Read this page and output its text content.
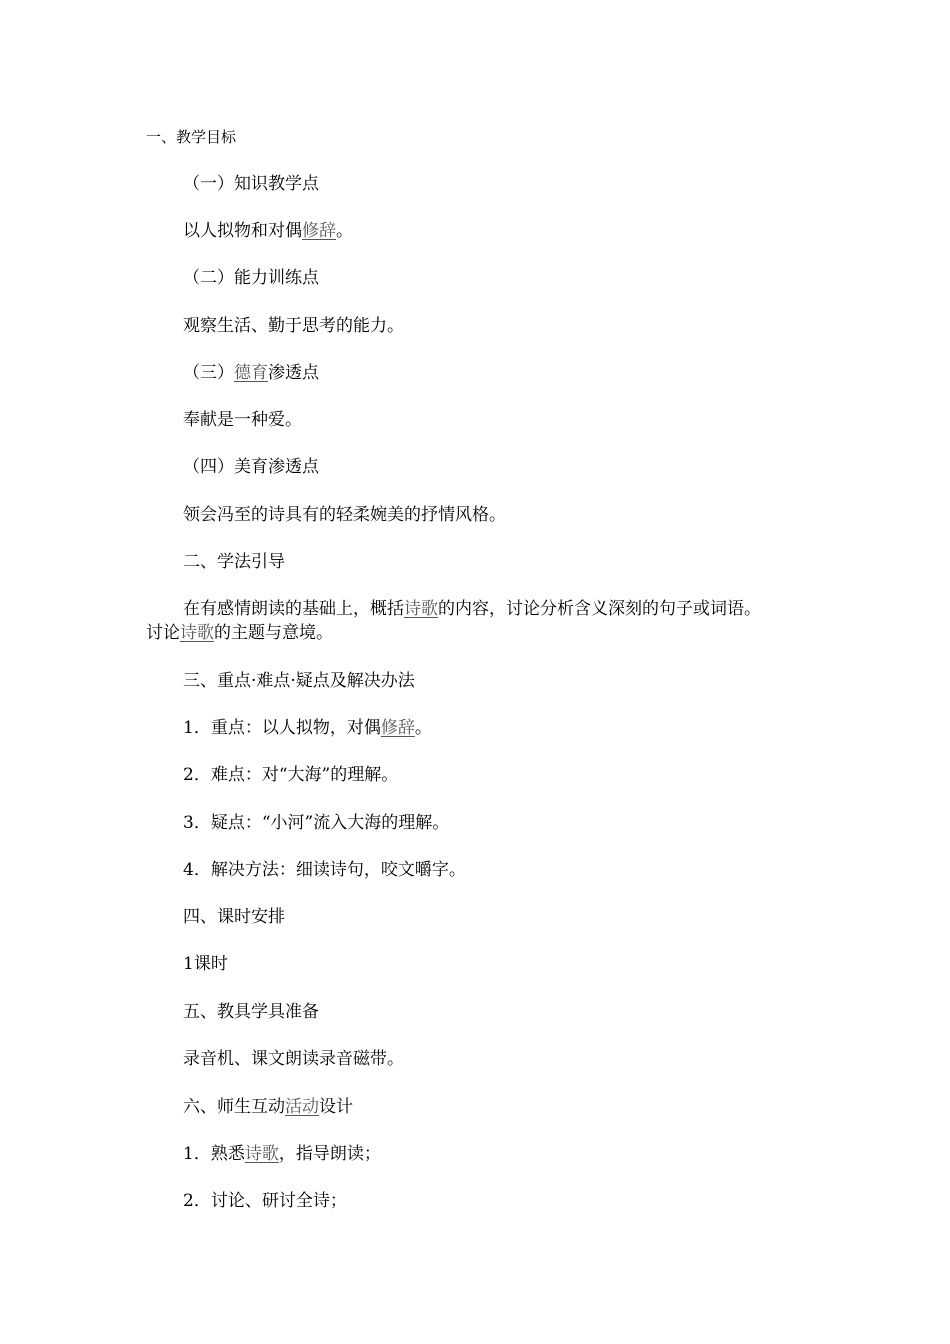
一、教学目标
（一）知识教学点
以人拟物和对偶修辞。
（二）能力训练点
观察生活、勤于思考的能力。
（三）德育渗透点
奉献是一种爱。
（四）美育渗透点
领会冯至的诗具有的轻柔婉美的抒情风格。
二、学法引导
在有感情朗读的基础上，概括诗歌的内容，讨论分析含义深刻的句子或词语。
讨论诗歌的主题与意境。
三、重点·难点·疑点及解决办法
1．重点：以人拟物，对偶修辞。
2．难点：对“大海”的理解。
3．疑点：“小河”流入大海的理解。
4．解决方法：细读诗句，咬文嚼字。
四、课时安排
1课时
五、教具学具准备
录音机、课文朗读录音磁带。
六、师生互动活动设计
1．熟悉诗歌，指导朗读；
2．讨论、研讨全诗；
